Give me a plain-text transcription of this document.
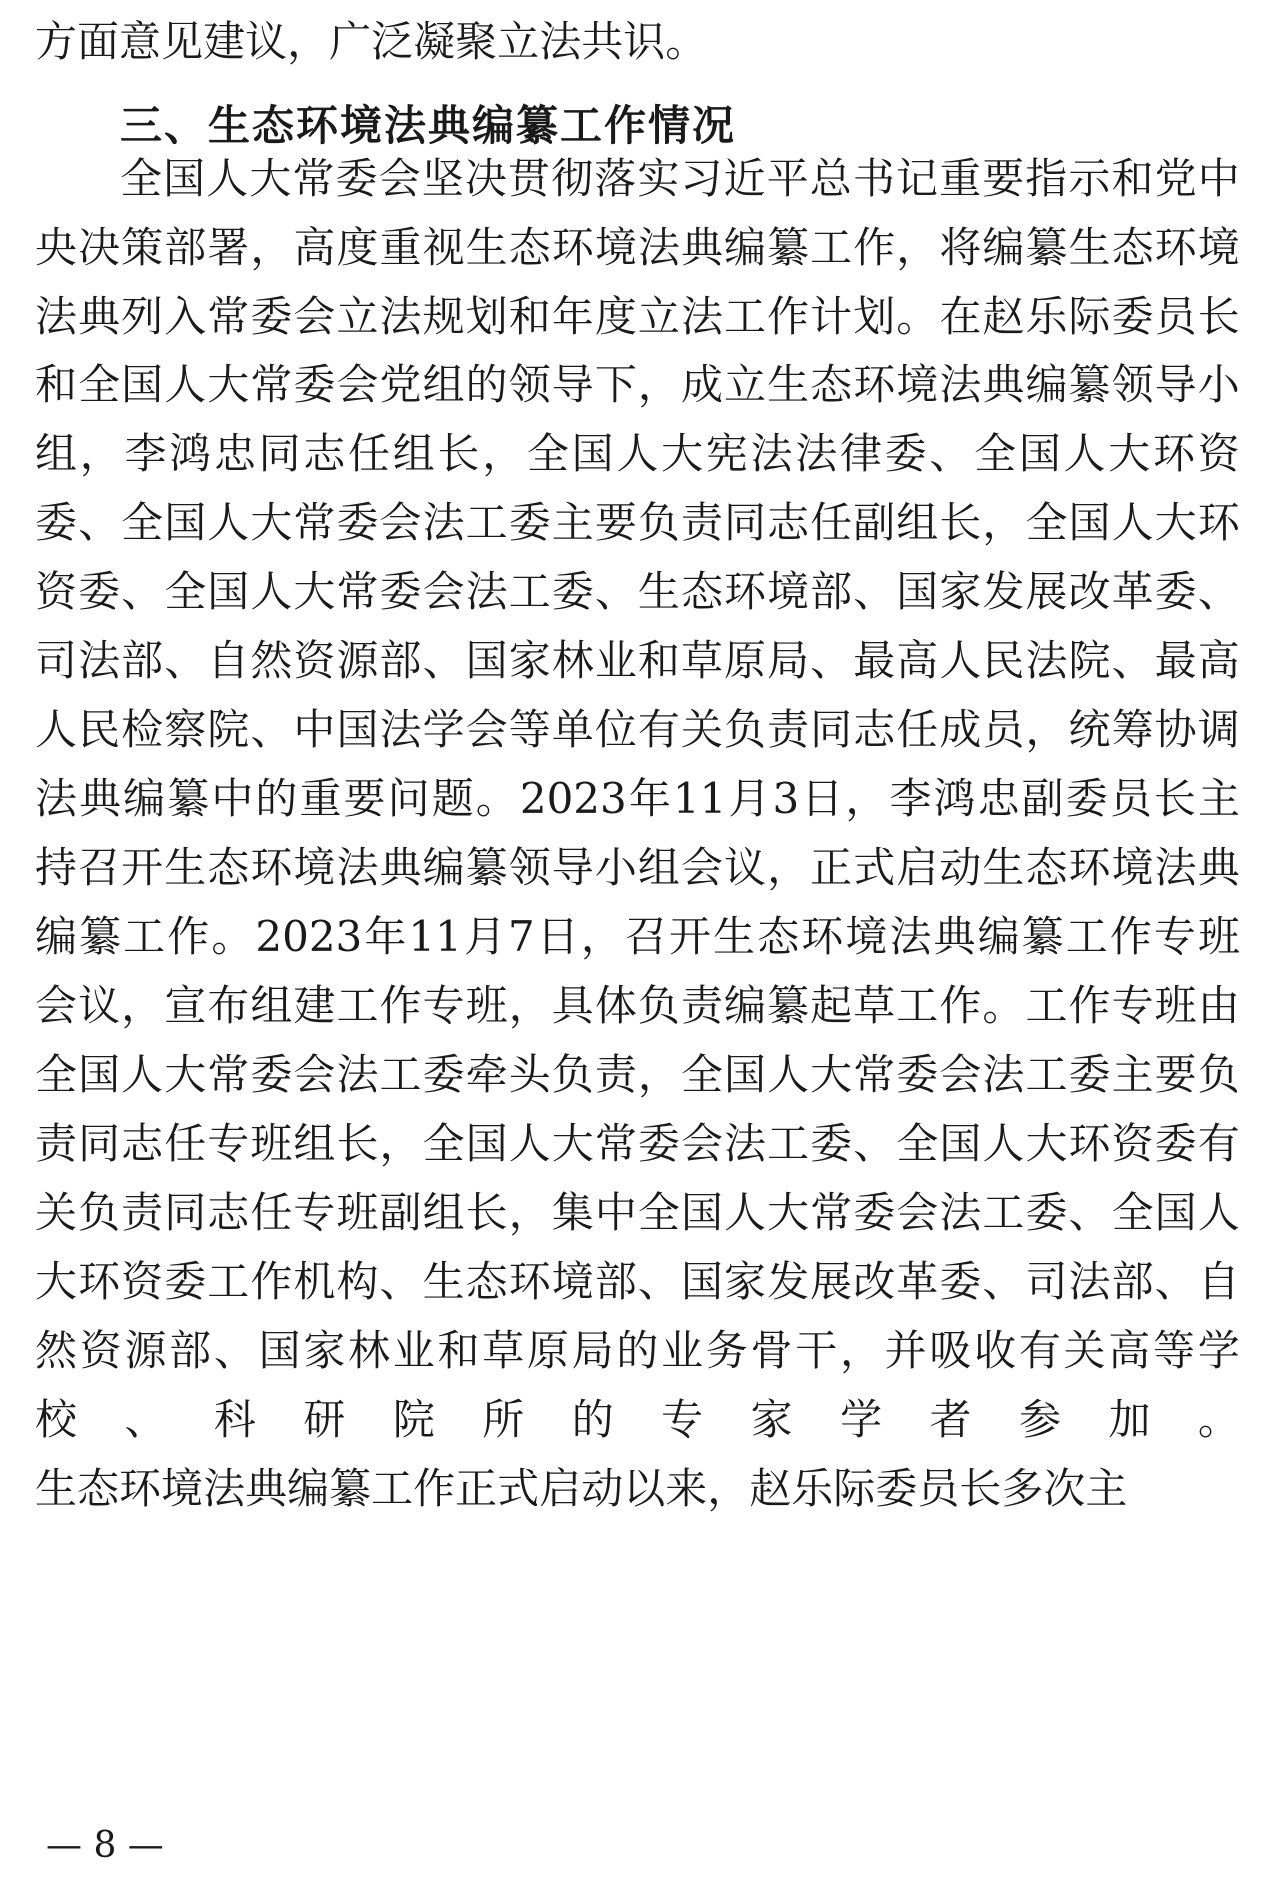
方 面 意 见 建 议 ， 广 泛 凝 聚 立 法 共 识 。
三、生态环境法典编纂工作情况
全 国 人 大 常 委 会 坚 决 贯 彻 落 实 习 近 平 总 书 记 重 要 指 示 和 党 中
央 决 策 部 署 ， 高 度 重 视 生 态 环 境 法 典 编 纂 工 作 ， 将 编 纂 生 态 环 境
法 典 列 入 常 委 会 立 法 规 划 和 年 度 立 法 工 作 计 划 。 在 赵 乐 际 委 员 长
和 全 国 人 大 常 委 会 党 组 的 领 导 下 ， 成 立 生 态 环 境 法 典 编 纂 领 导 小
组 ， 李 鸿 忠 同 志 任 组 长 ， 全 国 人 大 宪 法 法 律 委 、 全 国 人 大 环 资
委 、 全 国 人 大 常 委 会 法 工 委 主 要 负 责 同 志 任 副 组 长 ， 全 国 人 大 环
资 委 、 全 国 人 大 常 委 会 法 工 委 、 生 态 环 境 部 、 国 家 发 展 改 革 委 、
司 法 部 、 自 然 资 源 部 、 国 家 林 业 和 草 原 局 、 最 高 人 民 法 院 、 最 高
人 民 检 察 院 、 中 国 法 学 会 等 单 位 有 关 负 责 同 志 任 成 员 ， 统 筹 协 调
法 典 编 纂 中 的 重 要 问 题 。 2023 年 11 月 3 日 ， 李 鸿 忠 副 委 员 长 主
持 召 开 生 态 环 境 法 典 编 纂 领 导 小 组 会 议 ， 正 式 启 动 生 态 环 境 法 典
编 纂 工 作 。 2023 年 11 月 7 日 ， 召 开 生 态 环 境 法 典 编 纂 工 作 专 班
会 议 ， 宣 布 组 建 工 作 专 班 ， 具 体 负 责 编 纂 起 草 工 作 。 工 作 专 班 由
全 国 人 大 常 委 会 法 工 委 牵 头 负 责 ， 全 国 人 大 常 委 会 法 工 委 主 要 负
责 同 志 任 专 班 组 长 ， 全 国 人 大 常 委 会 法 工 委 、 全 国 人 大 环 资 委 有
关 负 责 同 志 任 专 班 副 组 长 ， 集 中 全 国 人 大 常 委 会 法 工 委 、 全 国 人
大 环 资 委 工 作 机 构 、 生 态 环 境 部 、 国 家 发 展 改 革 委 、 司 法 部 、 自
然 资 源 部 、 国 家 林 业 和 草 原 局 的 业 务 骨 干 ， 并 吸 收 有 关 高 等 学
校 、 科 研 院 所 的 专 家 学 者 参 加 。
生 态 环 境 法 典 编 纂 工 作 正 式 启 动 以 来 ， 赵 乐 际 委 员 长 多 次 主
— 8 —
